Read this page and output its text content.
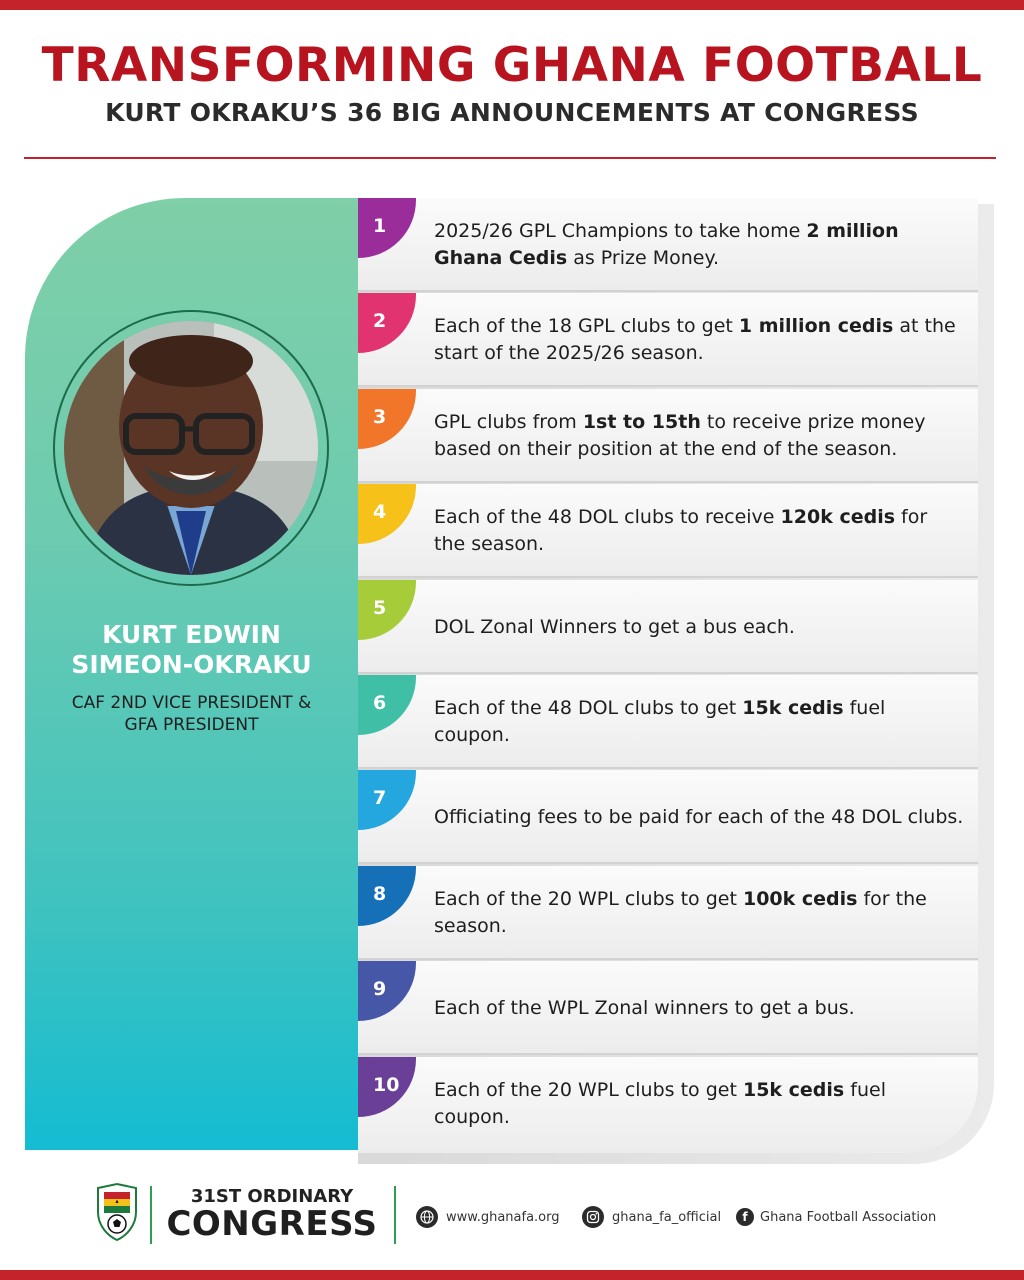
TRANSFORMING GHANA FOOTBALL
KURT OKRAKU’S 36 BIG ANNOUNCEMENTS AT CONGRESS
KURT EDWIN
SIMEON-OKRAKU
CAF 2ND VICE PRESIDENT &
GFA PRESIDENT
1	2025/26 GPL Champions to take home 2 million Ghana Cedis as Prize Money.
2	Each of the 18 GPL clubs to get 1 million cedis at the start of the 2025/26 season.
3	GPL clubs from 1st to 15th to receive prize money based on their position at the end of the season.
4	Each of the 48 DOL clubs to receive 120k cedis for the season.
5
DOL Zonal Winners to get a bus each.
6	Each of the 48 DOL clubs to get 15k cedis fuel coupon.
7
Officiating fees to be paid for each of the 48 DOL clubs.
8	Each of the 20 WPL clubs to get 100k cedis for the season.
9
Each of the WPL Zonal winners to get a bus.
10	Each of the 20 WPL clubs to get 15k cedis fuel coupon.
31ST ORDINARY
CONGRESS	www.ghanafa.org	ghana_fa_official	f Ghana Football Association
